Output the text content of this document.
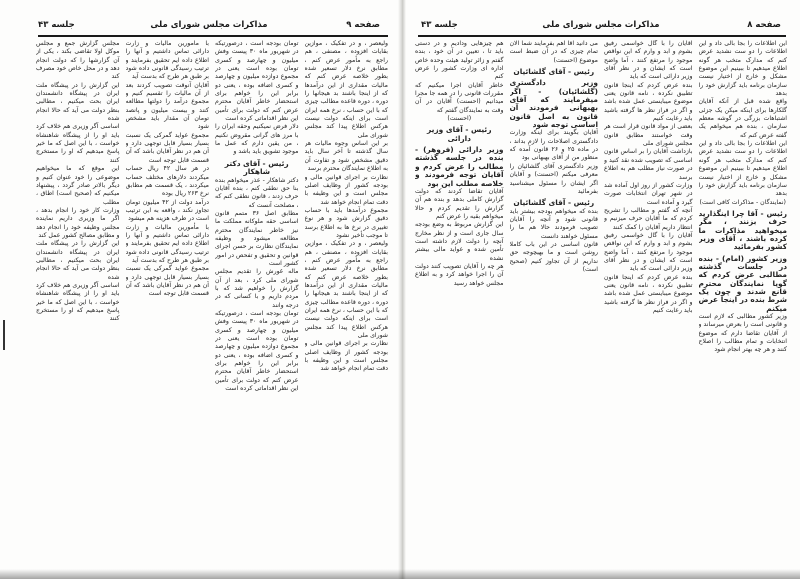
صفحه ۹
مذاکرات مجلس شورای ملی
جلسه ۴۳

ولیعصر ، و در تفکیک ، موازین بقایات افزوده ، مصنفی ، هم راجع به مأمور عرض کنم ، مطابق نرخ دلار تسعیر شده بطور خلاصه عرض کنم که مالیات مقداری از این درآمدها که از اینجا باشند بد هیجانها را دوره ، دوره قاعده مطالب چیزی که با این حساب ، نرخ همه ایران است برای اینکه دولت نیست هرکس اطلاع پیدا کند مجلس شورای ملی

بر این اساس وجوه مالیات هر سال گذشته تا آخر سال باید دقیق مشخص شود و تفاوت آن به اطلاع نمایندگان محترم برسد

نظارت بر اجرای قوانین مالی و بودجه کشور از وظایف اصلی مجلس است و این وظیفه با دقت تمام انجام خواهد شد

مجموع درآمدها باید با حساب دقیق گزارش شود و هر نوع تغییری در نرخ ها به اطلاع برسد تا موجب تأخیر نشود

ولیعصر ، و در تفکیک ، موازین بقایات افزوده ، مصنفی ، هم راجع به مأمور عرض کنم ، مطابق نرخ دلار تسعیر شده بطور خلاصه عرض کنم که مالیات مقداری از این درآمدها که از اینجا باشند بد هیجانها را دوره ، دوره قاعده مطالب چیزی که با این حساب ، نرخ همه ایران است برای اینکه دولت نیست هرکس اطلاع پیدا کند مجلس شورای ملی

نظارت بر اجرای قوانین مالی و بودجه کشور از وظایف اصلی مجلس است و این وظیفه با دقت تمام انجام خواهد شد

تومان بودجه است ، درصورتیکه در شهریور ماه ۳۰ پیست وفش میلیون و چهارصد و کسری تومان بوده است یعنی در مجموع دوازده میلیون و چهارصد و کسری اضافه بوده ، یعنی دو برابر این را خواهم برای استحضار خاطر آقایان محترم عرض کنم که دولت برای تأمین این نظر اقداماتی کرده است

دلار فرض نمیکنیم وحقه ایران را با مرز های گرانی مقروض نکنیم ، من یقین دارم که عمل ما موجود تشویق باید باشد و

رئیس - آقای دکتر شاهکار

دکتر شاهکار - عذر میخواهم بنده بنا حق نطقی کنم ، بنده آقایان حرف زدند ، قانون نطقی کنم که ، مصلحت آنست که

مطابق اصل ۳۶ متمم قانون اساسی حقه ملوکانه مملکت ما نیز خاطر نمایندگان محترم مطالعه میشود و وظیفه نمایندگان نظارت بر حسن اجرای قوانین و تحقیق و تفحص در امور کشور است

ماله غورش را تقدیم مجلس شورای ملی کرد ، بعد از آن گزارش را خواهیم شد که با مردم داریم و با کسانی که در درجه وانند

تومان بودجه است ، درصورتیکه در شهریور ماه ۳۰ پیست وفش میلیون و چهارصد و کسری تومان بوده است یعنی در مجموع دوازده میلیون و چهارصد و کسری اضافه بوده ، یعنی دو برابر این را خواهم برای استحضار خاطر آقایان محترم عرض کنم که دولت برای تأمین این نظر اقداماتی کرده است

با مأمورین مالیات و زارت دارائی تماس داشتیم و آنها را اطلاع داده ایم تحقیق بفرمایند و ترتیب رسیدگی قانونی داده شود بر طبق هر طرح که بدست آید

آقایان آنوقت تصویب کردند بعد از آن مالیات را تقسیم کنیم و مجموع درآمد را دولتها مطالعه کنند و بیست میلیون و پانصد تومان آن مقدار باید مشخص شود

مجموع عواید گمرکی یک نسبت بسیار بسیار قابل توجهی دارد و آن هم در نظر آقایان باشد که آن قسمت قابل توجه است

در هر سال ۴۲ ریال حساب میکردند دلارهای مختلف حساب میکردند ، یک قسمت هم مطابق نرخ ۲۶۳ ریال بوده

درآمد دولت از ۴۲ میلیون تومان تجاوز نکند ، واقعه به این ترتیب است در طرف هزینه هم میشود

با مأمورین مالیات و زارت دارائی تماس داشتیم و آنها را اطلاع داده ایم تحقیق بفرمایند و ترتیب رسیدگی قانونی داده شود بر طبق هر طرح که بدست آید

مجموع عواید گمرکی یک نسبت بسیار بسیار قابل توجهی دارد و آن هم در نظر آقایان باشد که آن قسمت قابل توجه است

مجلس گزارش جمع و مجلس موکل اولا تقاضی بکند ، یکی از آن گزارشها را که دولت انجام دهد و در محل خاص خود مصرف کند

این گزارش را در پیشگاه ملت ایران در پیشگاه دانشمندان ایران بحث میکنیم ، مطالبی بنظر دولت می آید که حالا انجام شده

اساسی آگر وزیری هم خلاف کرد باید او را از پیشگاه شاهنشاه خواست ، با این اصل که ما خیر پاسخ میدهیم که او را مستخرج کنند

این موقع که ما میخواهیم موضوعی را خود عنوان کنیم و دیگر بالاتر صادر گردد ، پیشنهاد میکنیم که (صحیح است) اطاق ، مطلب

وزارت کار خود را انجام بدهد ، اگر ما وزیری داریم نماینده مجلس وظیفه خود را انجام دهد و مطابق مصالح کشور عمل کند

این گزارش را در پیشگاه ملت ایران در پیشگاه دانشمندان ایران بحث میکنیم ، مطالبی بنظر دولت می آید که حالا انجام شده

اساسی آگر وزیری هم خلاف کرد باید او را از پیشگاه شاهنشاه خواست ، با این اصل که ما خیر پاسخ میدهیم که او را مستخرج کنند

صفحه ۸
مذاکرات مجلس شورای ملی
جلسه ۴۳

این اطلاعات را بجا بالی داد و این اطلاعات را دو ست نشدید عرض کنم که مدارک متخب هر گونه اطلاع میدهیم تا ببینیم این موضوع مشکل و خارج از اختیار نیست سازمان برنامه باید گزارش خود را بدهد

واقع شده قبل از آنکه آقایان گلکارها برای اینکه میکن یک جزئی اشتباهات بزرگی در گوشه معظم سازمان ، بنده هم میخواهم یک گفته عرض کنم که

این اطلاعات را بجا بالی داد و این اطلاعات را دو ست نشدید عرض کنم که مدارک متخب هر گونه اطلاع میدهیم تا ببینیم این موضوع مشکل و خارج از اختیار نیست سازمان برنامه باید گزارش خود را بدهد

(نمایندگان - مذاکرات کافی است)
رئیس - آقا چرا اینگذارید حرف بزنند ، مگر میخواهید مذاکرات ما کرده باشند ، آقای وزیر کشور بفرمائید
وزیر کشور (امام) - بنده در جلسات گذشته مطالبی عرض کردم که گویا نمایندگان محترم قانع شدند و چون یک شرط بنده در اینجا عرض میکنم

وزیر کشور مطالبی که لازم است و قانونی است را بعرض میرساند و از آقایان تقاضا دارم که موضوع انتخابات و تمام مطالب را اصلاح کنند و هر چه بهتر انجام شود

آقایان را با گال خواسمی رفیق بشوم و ابد و وارم که این نواقص موجود را مرتفع کنند ، آما واضح است که ایشان و در نظر آقای وزیر دارائی است که باید

بنده عرض کردم که اینجا قانون تطبیق نکرده ، نامه قانون یعنی موضوع میبایستی عمل شده باشد و اگر در فراز نظر ها گرفته باشید باید رعایت کنیم

بعضی از مواد قانون قرار است هر وقت خواستند مطابق قانون مجلس شورای ملی

بازداشت آقایان را بر اساس قانون اساسی که تصویب شده نقد کنید و در صورت نیاز مطلب هم به اطلاع برسد

وزارت کشور از روز اول آماده شد در شهر تهران انتخابات صورت گیرد و آماده است

آنچه که گفتم و مطالب را تشریح کردم که ما آقایان حرف میزنیم و انتظار داریم آقایان را کمک کنند

آقایان را با گال خواسمی رفیق بشوم و ابد و وارم که این نواقص موجود را مرتفع کنند ، آما واضح است که ایشان و در نظر آقای وزیر دارائی است که باید

بنده عرض کردم که اینجا قانون تطبیق نکرده ، نامه قانون یعنی موضوع میبایستی عمل شده باشد و اگر در فراز نظر ها گرفته باشید باید رعایت کنیم

می دانید آقا اهم بفرمایند شما آلان تمام چیزی که در آن ضبط است موضوع (احسنت)

رئیس - آقای گلشائیان
وزیر دادگستری (گلشائیان) - اگر میفرمایند که آقای بهبهانی فرمودند آن قانون به اصل قانون اساسی توجه شود

آقایان بگویند برای اینکه وزارت دادگستری اصلاحات را لازم بداند ، در ماده ۲۵ و ۲۶ قانون آمده که منظور من از آقای بهبهانی بود

وزیر دادگستری آقای گلشائیان را معرفی میکنم (احسنت) و آقایان اگر ایشان را مسئول میشناسید بفرمائید

رئیس - آقای گلشائیان

بنده که میخواهم بودجه بیشتر باید قانونی شود و آنچه را آقایان تصویب فرمودند حالا هم ما را مسئول خواهند دانست

قانون اساسی در این باب کاملا روشن است و ما بهیچوجه حق نداریم از آن تجاوز کنیم (صحیح است)

هم چیزهایی ودادیم و در دستی باید تا ، تعیین در آن خود ، بنده گفتم و زائر تولید هیئت وحده خاص اداره ای وزارت کشور را عرض کنم

خاطر آقایان اجرا میکنیم که مقررات قانونی را در همه جا مجرا میدانیم (احسنت) آقایان در آن وقت به نمایندگان گفتم که

(احسنت)
رئیس - آقای وزیر دارائی
وزیر دارائی (فروهر) - بنده در جلسه گذشته مطالب را عرض کردم و آقایان توجه فرمودند و خلاصه مطلب این بود

آقایان تقاضا کردند که دولت گزارش کاملی بدهد و بنده هم آن گزارش را تقدیم کردم و حالا میخواهم بقیه را عرض کنم

این گزارش مربوط به وضع بودجه سال جاری است و از نظر مخارج آنچه را دولت لازم داشته است تأمین شده و عواید مالی بیشتر نشده

هر چه را آقایان تصویب کنند دولت آن را اجرا خواهد کرد و به اطلاع مجلس خواهد رسید
